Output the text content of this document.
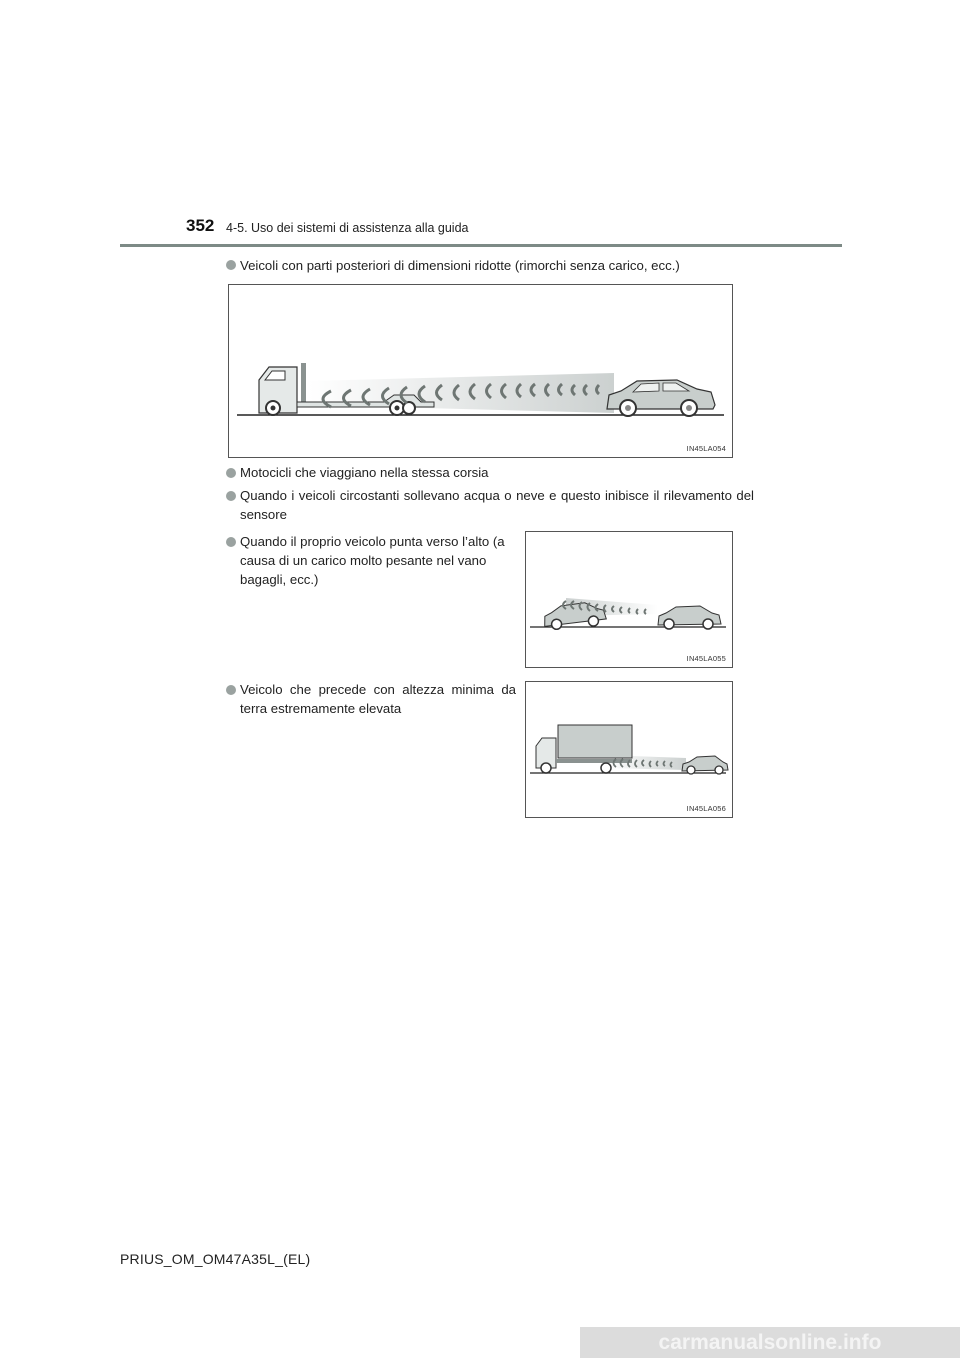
352 4-5. Uso dei sistemi di assistenza alla guida
Veicoli con parti posteriori di dimensioni ridotte (rimorchi senza carico, ecc.)
IN45LA054
Motocicli che viaggiano nella stessa corsia
Quando i veicoli circostanti sollevano acqua o neve e questo inibisce il rilevamento del sensore
Quando il proprio veicolo punta verso l’alto (a causa di un carico molto pesante nel vano bagagli, ecc.)
IN45LA055
Veicolo che precede con altezza minima da terra estremamente elevata
IN45LA056
PRIUS_OM_OM47A35L_(EL)
carmanualsonline.info
